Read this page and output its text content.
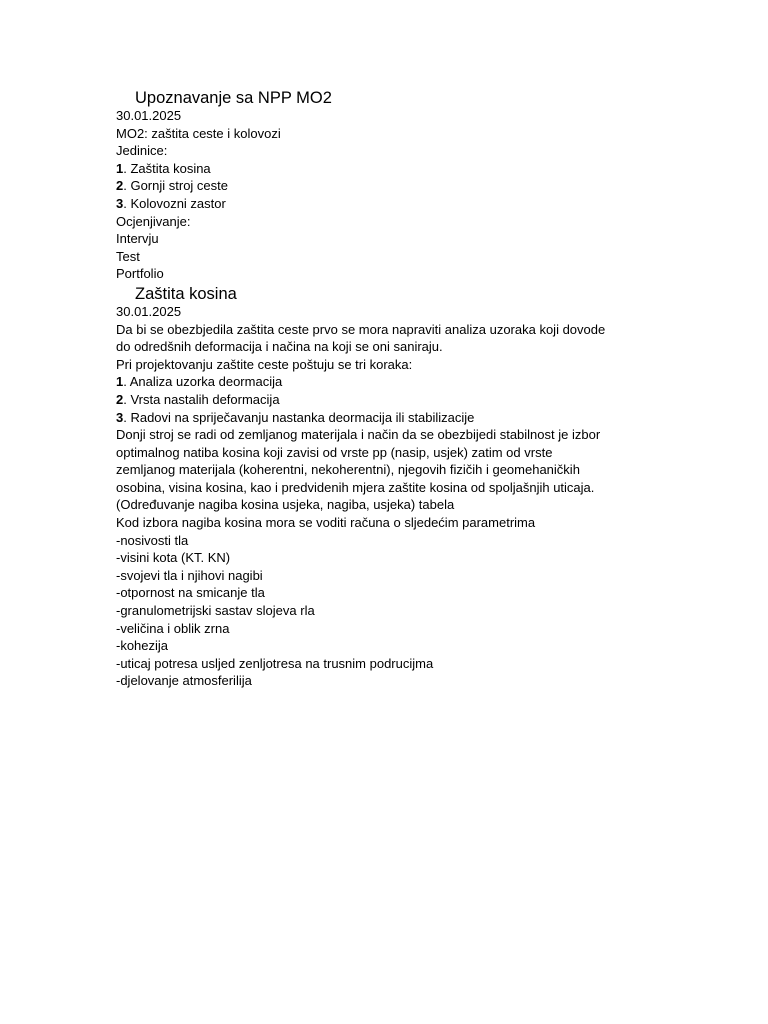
Upoznavanje sa NPP MO2
30.01.2025
MO2: zaštita ceste i kolovozi
Jedinice:
1. Zaštita kosina
2. Gornji stroj ceste
3. Kolovozni zastor
Ocjenjivanje:
Intervju
Test
Portfolio
Zaštita kosina
30.01.2025
Da bi se obezbjedila zaštita ceste prvo se mora napraviti analiza uzoraka koji dovode
do odredšnih deformacija i načina na koji se oni saniraju.
Pri projektovanju zaštite ceste poštuju se tri koraka:
1. Analiza uzorka deormacija
2. Vrsta nastalih deformacija
3. Radovi na spriječavanju nastanka deormacija ili stabilizacije
Donji stroj se radi od zemljanog materijala i način da se obezbijedi stabilnost je izbor
optimalnog natiba kosina koji zavisi od vrste pp (nasip, usjek) zatim od vrste
zemljanog materijala (koherentni, nekoherentni), njegovih fizičih i geomehaničkih
osobina, visina kosina, kao i predvidenih mjera zaštite kosina od spoljašnjih uticaja.
(Određuvanje nagiba kosina usjeka, nagiba, usjeka) tabela
Kod izbora nagiba kosina mora se voditi računa o sljedećim parametrima
-nosivosti tla
-visini kota (KT. KN)
-svojevi tla i njihovi nagibi
-otpornost na smicanje tla
-granulometrijski sastav slojeva rla
-veličina i oblik zrna
-kohezija
-uticaj potresa usljed zenljotresa na trusnim podrucijma
-djelovanje atmosferilija
